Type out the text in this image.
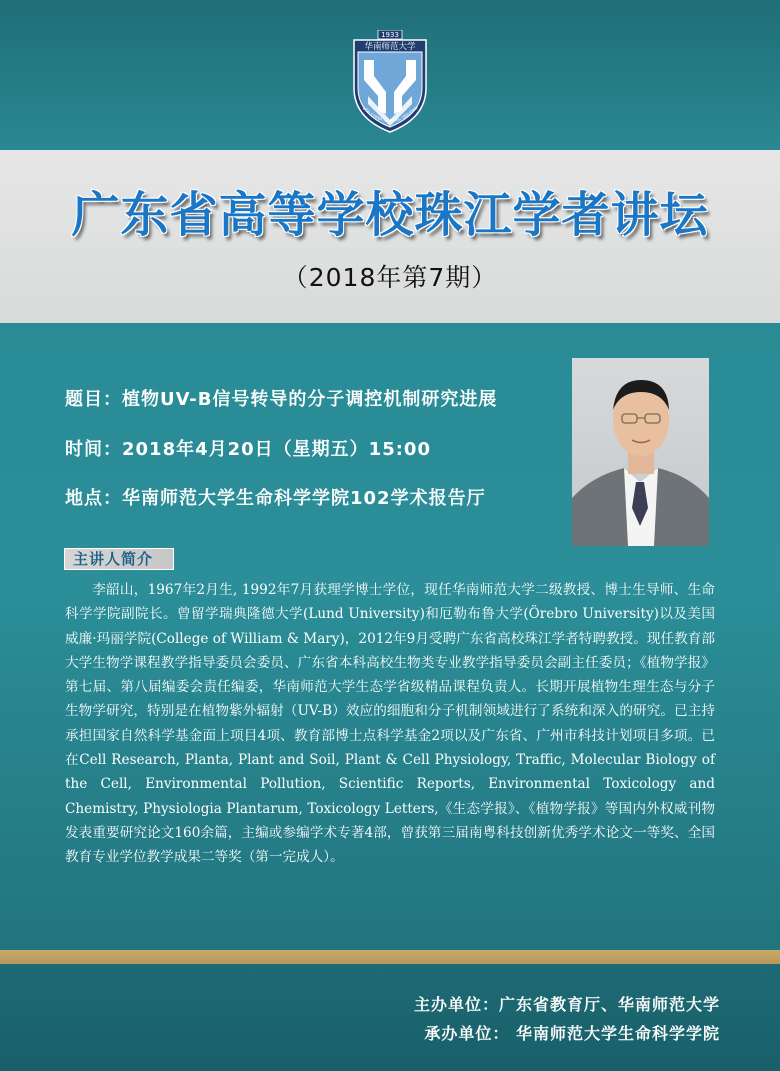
1933
华南师范大学
UTH CHINA NORMAL UNIVERSI
广东省高等学校珠江学者讲坛
（2018年第7期）
题目：植物UV-B信号转导的分子调控机制研究进展
时间：2018年4月20日（星期五）15:00
地点：华南师范大学生命科学学院102学术报告厅
主讲人简介
李韶山，1967年2月生, 1992年7月获理学博士学位，现任华南师范大学二级教授、博士生导师、生命科学学院副院长。曾留学瑞典隆德大学(Lund University)和厄勒布鲁大学(Örebro University)以及美国威廉·玛丽学院(College of William & Mary)，2012年9月受聘广东省高校珠江学者特聘教授。现任教育部大学生物学课程教学指导委员会委员、广东省本科高校生物类专业教学指导委员会副主任委员；《植物学报》第七届、第八届编委会责任编委，华南师范大学生态学省级精品课程负责人。长期开展植物生理生态与分子生物学研究，特别是在植物紫外辐射（UV-B）效应的细胞和分子机制领域进行了系统和深入的研究。已主持承担国家自然科学基金面上项目4项、教育部博士点科学基金2项以及广东省、广州市科技计划项目多项。已在Cell Research, Planta, Plant and Soil, Plant & Cell Physiology, Traffic, Molecular Biology of the Cell, Environmental Pollution, Scientific Reports, Environmental Toxicology and Chemistry, Physiologia Plantarum, Toxicology Letters,《生态学报》、《植物学报》等国内外权威刊物发表重要研究论文160余篇，主编或参编学术专著4部，曾获第三届南粤科技创新优秀学术论文一等奖、全国教育专业学位教学成果二等奖（第一完成人）。
主办单位：广东省教育厅、华南师范大学
承办单位： 华南师范大学生命科学学院
